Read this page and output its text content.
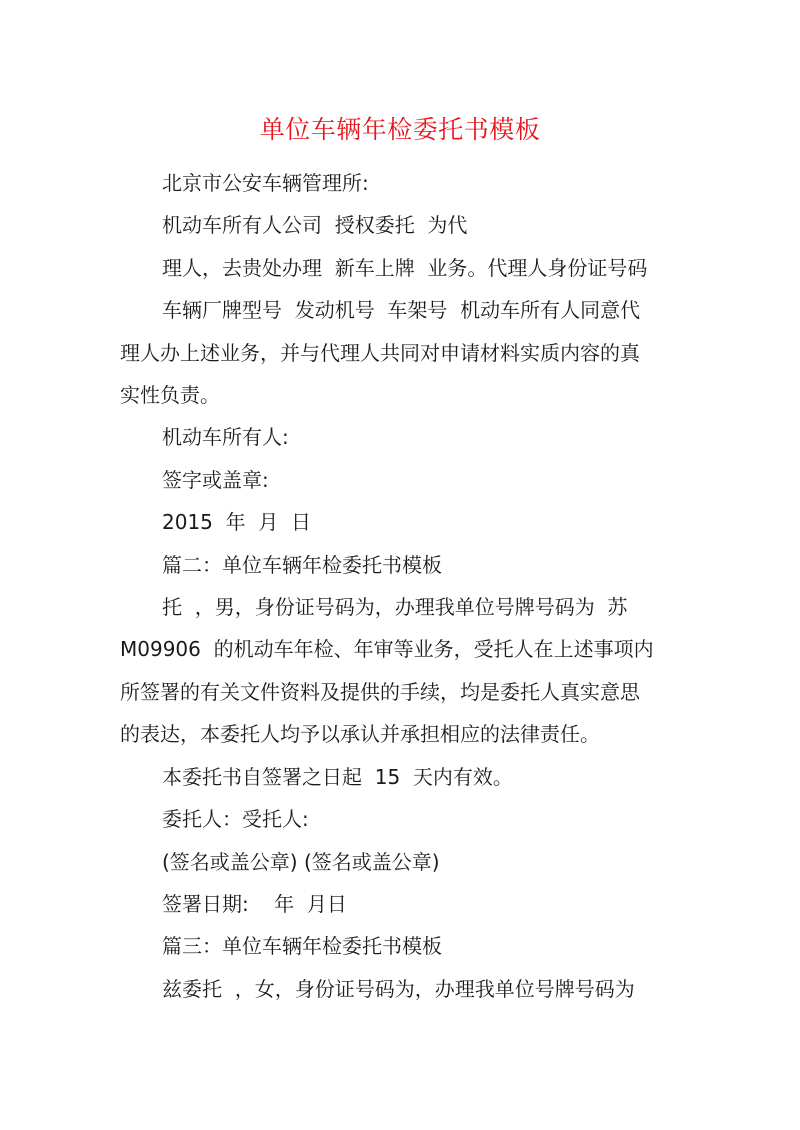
单位车辆年检委托书模板

北京市公安车辆管理所:

机动车所有人公司  授权委托  为代

理人，去贵处办理  新车上牌  业务。代理人身份证号码

车辆厂牌型号  发动机号  车架号  机动车所有人同意代

理人办上述业务，并与代理人共同对申请材料实质内容的真

实性负责。

机动车所有人:

签字或盖章:

2015  年  月  日

篇二：单位车辆年检委托书模板

托  ，男，身份证号码为，办理我单位号牌号码为  苏

M09906  的机动车年检、年审等业务，受托人在上述事项内

所签署的有关文件资料及提供的手续，均是委托人真实意思

的表达，本委托人均予以承认并承担相应的法律责任。

本委托书自签署之日起  15  天内有效。

委托人：受托人:

(签名或盖公章) (签名或盖公章)

签署日期:    年  月日

篇三：单位车辆年检委托书模板

兹委托  ，女，身份证号码为，办理我单位号牌号码为
